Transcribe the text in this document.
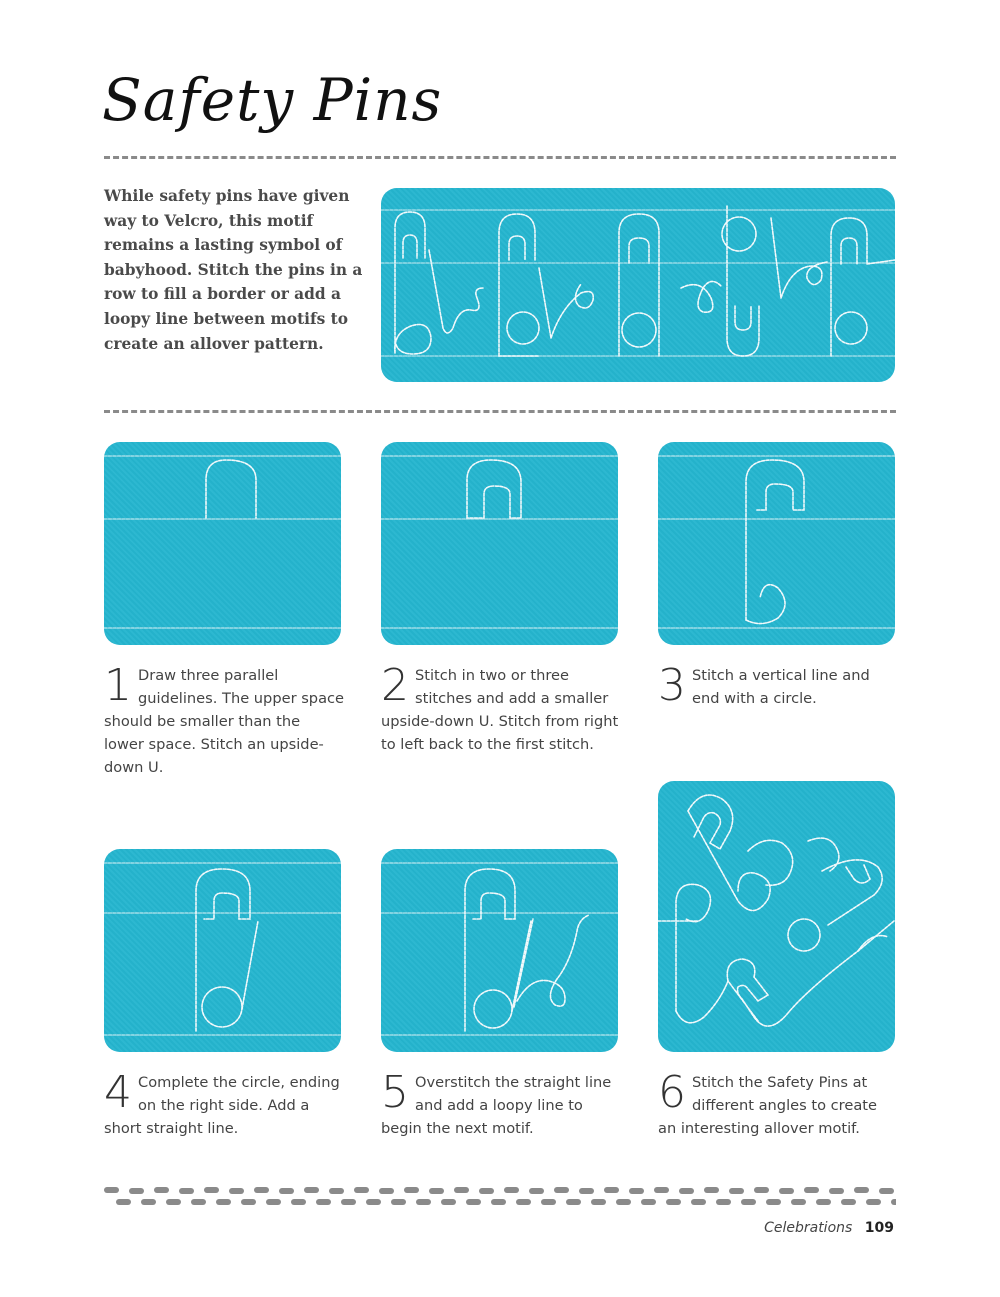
Safety Pins

While safety pins have given way to Velcro, this motif remains a lasting symbol of babyhood. Stitch the pins in a row to fill a border or add a loopy line between motifs to create an allover pattern.

1 Draw three parallel guidelines. The upper space should be smaller than the lower space. Stitch an upside-down U.
2 Stitch in two or three stitches and add a smaller upside-down U. Stitch from right to left back to the first stitch.
3 Stitch a vertical line and end with a circle.
4 Complete the circle, ending on the right side. Add a short straight line.
5 Overstitch the straight line and add a loopy line to begin the next motif.
6 Stitch the Safety Pins at different angles to create an interesting allover motif.
Celebrations 109
